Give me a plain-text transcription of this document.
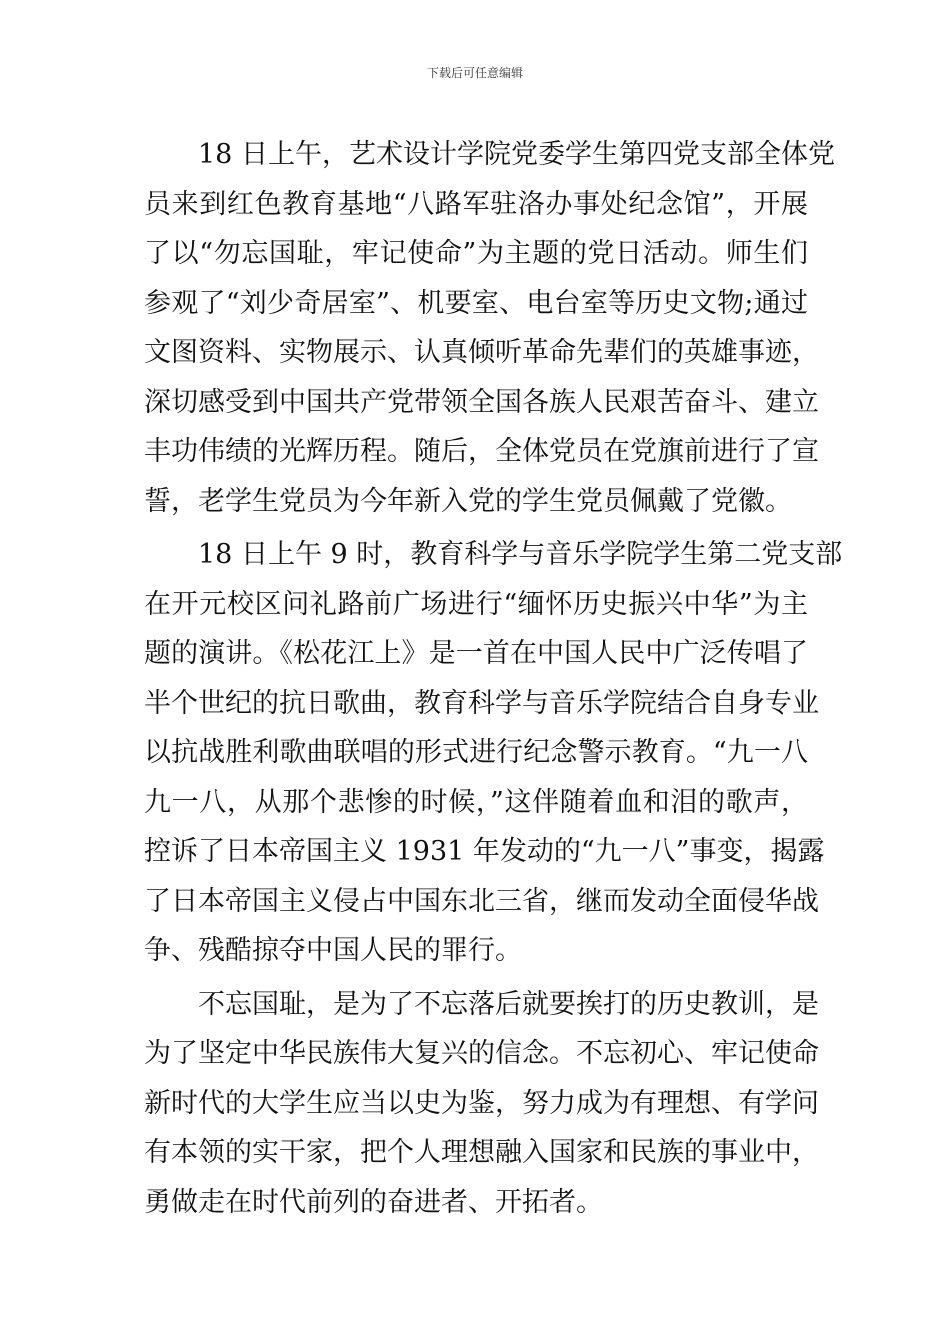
下载后可任意编辑
18 日上午，艺术设计学院党委学生第四党支部全体党
员来到红色教育基地“八路军驻洛办事处纪念馆”，开展
了以“勿忘国耻，牢记使命”为主题的党日活动。师生们
参观了“刘少奇居室”、机要室、电台室等历史文物;通过
文图资料、实物展示、认真倾听革命先辈们的英雄事迹，
深切感受到中国共产党带领全国各族人民艰苦奋斗、建立
丰功伟绩的光辉历程。随后，全体党员在党旗前进行了宣
誓，老学生党员为今年新入党的学生党员佩戴了党徽。
18 日上午 9 时，教育科学与音乐学院学生第二党支部
在开元校区问礼路前广场进行“缅怀历史振兴中华”为主
题的演讲。《松花江上》是一首在中国人民中广泛传唱了
半个世纪的抗日歌曲，教育科学与音乐学院结合自身专业
以抗战胜利歌曲联唱的形式进行纪念警示教育。“九一八
九一八，从那个悲惨的时候，”这伴随着血和泪的歌声，
控诉了日本帝国主义 1931 年发动的“九一八”事变，揭露
了日本帝国主义侵占中国东北三省，继而发动全面侵华战
争、残酷掠夺中国人民的罪行。
不忘国耻，是为了不忘落后就要挨打的历史教训，是
为了坚定中华民族伟大复兴的信念。不忘初心、牢记使命
新时代的大学生应当以史为鉴，努力成为有理想、有学问
有本领的实干家，把个人理想融入国家和民族的事业中，
勇做走在时代前列的奋进者、开拓者。
